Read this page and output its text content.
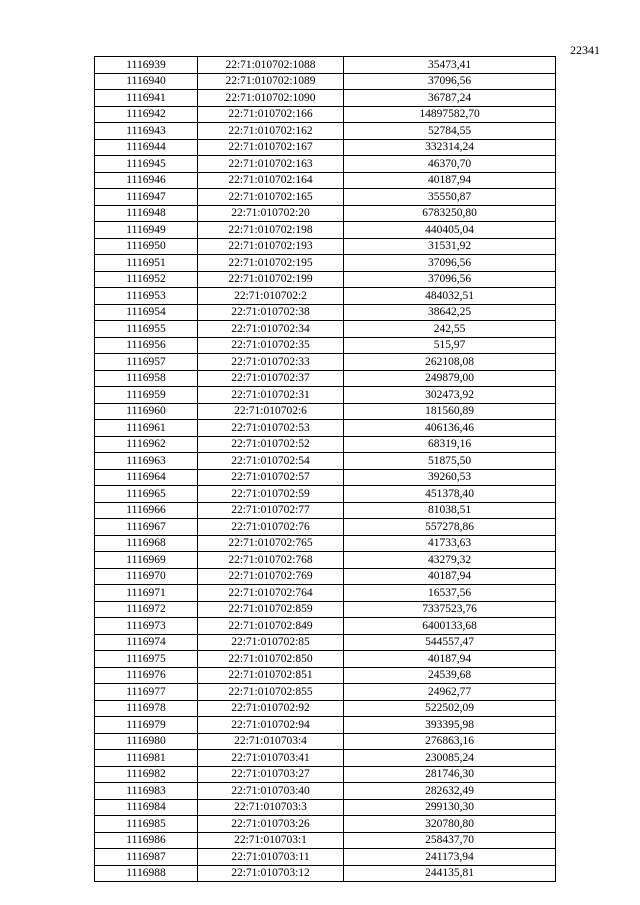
22341
1116939	22:71:010702:1088	35473,41
1116940	22:71:010702:1089	37096,56
1116941	22:71:010702:1090	36787,24
1116942	22:71:010702:166	14897582,70
1116943	22:71:010702:162	52784,55
1116944	22:71:010702:167	332314,24
1116945	22:71:010702:163	46370,70
1116946	22:71:010702:164	40187,94
1116947	22:71:010702:165	35550,87
1116948	22:71:010702:20	6783250,80
1116949	22:71:010702:198	440405,04
1116950	22:71:010702:193	31531,92
1116951	22:71:010702:195	37096,56
1116952	22:71:010702:199	37096,56
1116953	22:71:010702:2	484032,51
1116954	22:71:010702:38	38642,25
1116955	22:71:010702:34	242,55
1116956	22:71:010702:35	515,97
1116957	22:71:010702:33	262108,08
1116958	22:71:010702:37	249879,00
1116959	22:71:010702:31	302473,92
1116960	22:71:010702:6	181560,89
1116961	22:71:010702:53	406136,46
1116962	22:71:010702:52	68319,16
1116963	22:71:010702:54	51875,50
1116964	22:71:010702:57	39260,53
1116965	22:71:010702:59	451378,40
1116966	22:71:010702:77	81038,51
1116967	22:71:010702:76	557278,86
1116968	22:71:010702:765	41733,63
1116969	22:71:010702:768	43279,32
1116970	22:71:010702:769	40187,94
1116971	22:71:010702:764	16537,56
1116972	22:71:010702:859	7337523,76
1116973	22:71:010702:849	6400133,68
1116974	22:71:010702:85	544557,47
1116975	22:71:010702:850	40187,94
1116976	22:71:010702:851	24539,68
1116977	22:71:010702:855	24962,77
1116978	22:71:010702:92	522502,09
1116979	22:71:010702:94	393395,98
1116980	22:71:010703:4	276863,16
1116981	22:71:010703:41	230085,24
1116982	22:71:010703:27	281746,30
1116983	22:71:010703:40	282632,49
1116984	22:71:010703:3	299130,30
1116985	22:71:010703:26	320780,80
1116986	22:71:010703:1	258437,70
1116987	22:71:010703:11	241173,94
1116988	22:71:010703:12	244135,81
